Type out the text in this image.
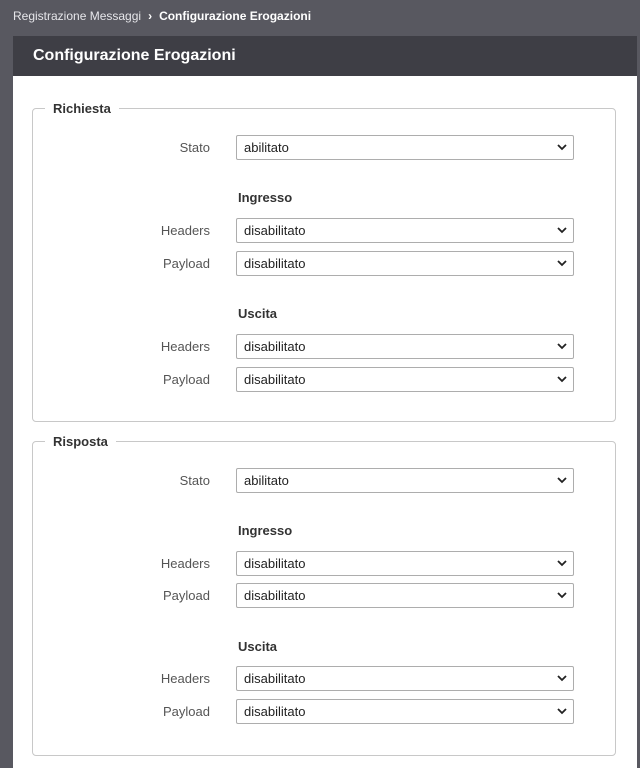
Registrazione Messaggi › Configurazione Erogazioni
Configurazione Erogazioni
Richiesta
Stato	abilitato
Ingresso
Headers	disabilitato
Payload	disabilitato
Uscita
Headers	disabilitato
Payload	disabilitato
Risposta
Stato	abilitato
Ingresso
Headers	disabilitato
Payload	disabilitato
Uscita
Headers	disabilitato
Payload	disabilitato
